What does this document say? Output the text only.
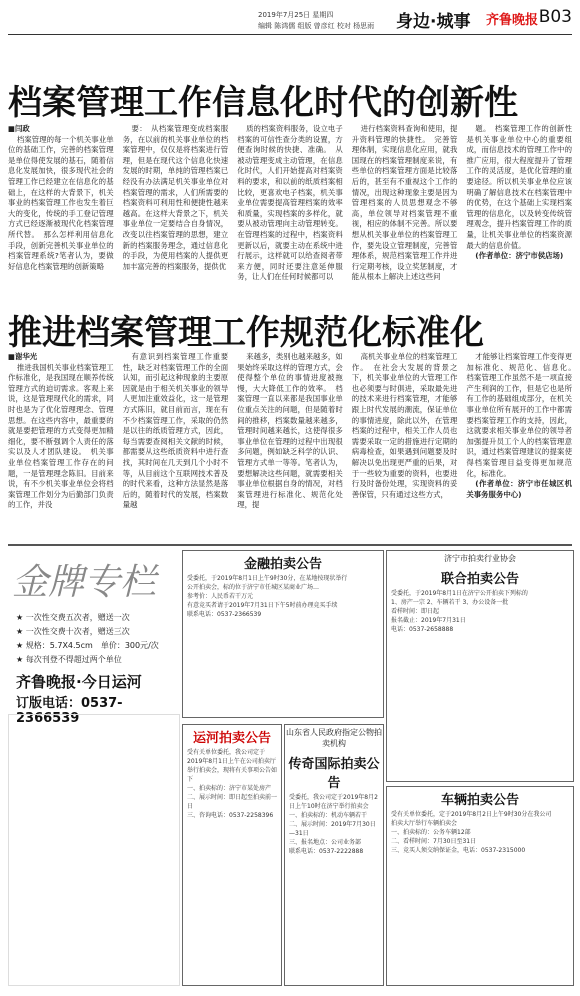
2019年7月25日 星期四
编辑 陈鸿儒 组版 曾彦红 校对 杨思雨 身边·城事 齐鲁晚报 B03
档案管理工作信息化时代的创新性

■闫政

档案管理的每一个机关事业单位的基础工作，完善的档案管理是单位得使发展的基石，随着信息化发展加快，很多现代社会的管理工作已经建立在信息化的基础上，在这样的大背景下，机关事业的档案管理工作也发生着巨大的变化，传统的手工登记管理方式已经逐渐被现代化档案管理所代替。　那么怎样利用信息化手段，创新完善机关事业单位的档案管理系统?笔者认为，要做好信息化档案管理的创新策略

要：　从档案管理变成档案服务，在以前的机关事业单位的档案管理中，仅仅是将档案进行管理，但是在现代这个信息化快速发展的时期，单纯的管理档案已经没有办法满足机关事业单位对档案管理的需求，人们所需要的档案资料可利用性和便捷性越来越高。在这样大背景之下，机关事业单位一定要结合自身情况，改变以往档案管理的思想，建立新的档案服务理念，通过信息化的手段，为使用档案的人提供更加丰富完善的档案服务，提供优

质的档案资料服务，设立电子档案的可信性查分类的设置，方便查询时候的快捷、准确。　从被动管理变成主动管理，在信息化时代，人们开始提高对档案资料的要求，和以前的纸质档案相比较，更喜欢电子档案，机关事业单位需要提高管理档案的效率和质量，实现档案的多样化，就要从被动管理向主动管理转变。在管理档案的过程中，档案资料更新以后，就要主动在系统中进行展示，这样就可以给查阅者带来方便，同时还要注意延伸服务，让人们在任何时候都可以

进行档案资料查询和使用，提升资料管理的快捷性。　完善管理体制，实现信息化应用，就我国现在的档案管理制度来说，有些单位的档案管理方面是比较落后的，甚至有不重视这个工作的情况，出现这种现象主要是因为管理档案的人员思想观念不够高，单位领导对档案管理不重视，相应的体制不完善。所以要想从机关事业单位的档案管理工作，要先设立管理制度，完善管理体系，规范档案管理工作并进行定期考核，设立奖惩制度，才能从根本上解决上述这些问

题。　档案管理工作的创新性是机关事业单位中心的重要组成，而信息技术的管理工作中的推广应用，很大程度提升了管理工作的灵活度，是优化管理的重要途径。所以机关事业单位应该明确了解信息技术在档案管理中的优势，在这个基础上实现档案管理的信息化，以及转变传统管理观念，提升档案管理工作的质量，让机关事业单位的档案资源最大的信息价值。

(作者单位：济宁市侯店场)

推进档案管理工作规范化标准化

■谢华光

推进我国机关事业档案管理工作标准化，是我国现在顺养传统管理方式的迫切需求。客观上来说，这是管理现代化的需求，同时也是为了优化管理理念、管理思想。在这些内容中，最重要的就是要把管理的方式变得更加精细化，要不断强调个人责任的落实以及人才团队建设。　机关事业单位档案管理工作存在的问题，一是管理理念陈旧。目前来说，有不少机关事业单位会将档案管理工作划分为后勤部门负责的工作，并没

有意识到档案管理工作重要性，缺乏对档案管理工作的全面认知，而引起这种现象的主要原因就是由于相关机关事业的领导人更加注重效益化，这一是管理方式陈旧，就目前而言，现在有不少档案管理工作，采取的仍然是以往的纸质管理方式，因此，每当需要查阅相关文献的时候，都需要从这些纸质资料中进行查找，其时间在几天到几个小时不等，从目前这个互联网技术普及的时代来看，这种方法显然是落后的，随着时代的发展，档案数量越

来越多，类别也越来越多，如果始终采取这样的管理方式，会使得整个单位的事情进度被拖慢，大大降低工作的效率。　档案管理一直以来都是我国事业单位重点关注的问题，但是随着时间的推移，档案数量越来越多，管理时间越来越长，这使得很多事业单位在管理的过程中出现很多问题，例如缺乏科学的认识、管理方式单一等等。笔者认为，要想解决这些问题，就需要相关事业单位根据自身的情况，对档案管理进行标准化、规范化处理，提

高机关事业单位的档案管理工作。　在社会大发展的背景之下，机关事业单位的大管理工作也必须要与时俱进，采取最先进的技术来进行档案管理，才能够跟上时代发展的潮流，保证单位的事情进度，除此以外，在管理档案的过程中，相关工作人员也需要采取一定的措施进行定期的病毒检查，如果遇到问题要及时解决以免出现更严重的后果，对于一些较为重要的资料，也要进行及时备份处理，实现资料的妥善保管，只有通过这些方式，

才能够让档案管理工作变得更加标准化、规范化、信息化。　档案管理工作虽然不是一项直接产生利润的工作，但是它也是所有工作的基础组成部分，在机关事业单位所有展开的工作中都需要档案管理工作的支持，因此，这就要求相关事业单位的领导者加强提升员工个人的档案管理意识，通过档案管理建议的提案使得档案管理目益变得更加规范化，标准化。

(作者单位：济宁市任城区机关事务服务中心)

金牌专栏
★ 一次性交费五次者，赠送一次
★ 一次性交费十次者，赠送三次
★ 规格：5.7X4.5cm　单价：300元/次
★ 每次刊登不得超过两个单位
齐鲁晚报·今日运河
订版电话：0537-2366539
金融拍卖公告
受委托，于2019年8月1日上午9时30分，在某地按现状举行
公开拍卖会，标的位于济宁市任城区某商业广场…
参考价：人民币若干万元
有意竞买者请于2019年7月31日下午5时前办理竞买手续
联系电话：0537-2366539
济宁市拍卖行业协会
联合拍卖公告
受委托，于2019年8月1日在济宁公开拍卖下列标的
1、房产一宗 2、车辆若干 3、办公设备一批
看样时间：即日起
报名截止：2019年7月31日
电话：0537-2658888
运河拍卖公告
受有关单位委托，我公司定于2019年8月1日上午在公司拍卖厅
举行拍卖会，现将有关事项公告如下
一、拍卖标的：济宁市某处房产
二、展示时间：即日起至拍卖前一日
三、咨询电话：0537-2258396
山东省人民政府指定公物拍卖机构
传奇国际拍卖公告
受委托，我公司定于2019年8月2日上午10时在济宁举行拍卖会
一、拍卖标的：机动车辆若干
二、展示时间：2019年7月30日—31日
三、报名地点：公司业务部
联系电话：0537-2222888
车辆拍卖公告
受有关单位委托，定于2019年8月2日上午9时30分在我公司
拍卖大厅举行车辆拍卖会
一、拍卖标的：公务车辆12部
二、看样时间：7月30日至31日
三、竞买人须交纳保证金，电话：0537-2315000
